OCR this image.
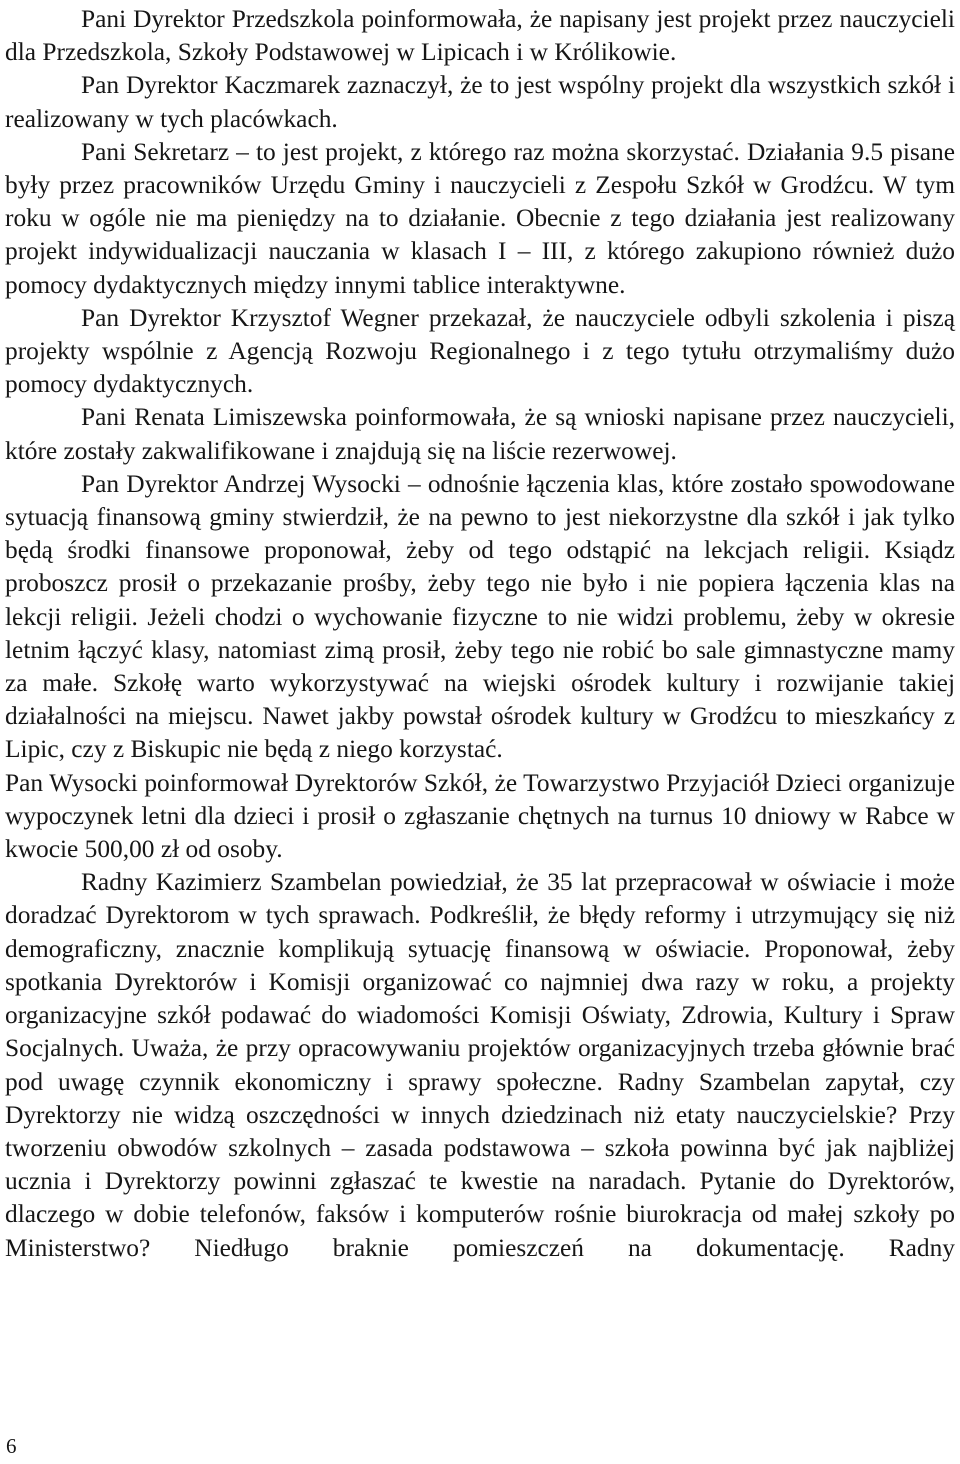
Pani Dyrektor Przedszkola poinformowała, że napisany jest projekt przez nauczycieli dla Przedszkola, Szkoły Podstawowej w Lipicach i w Królikowie.

Pan Dyrektor Kaczmarek zaznaczył, że to jest wspólny projekt dla wszystkich szkół i realizowany w tych placówkach.

Pani Sekretarz – to jest projekt, z którego raz można skorzystać. Działania 9.5 pisane były przez pracowników Urzędu Gminy i nauczycieli z Zespołu Szkół w Grodźcu. W tym roku w ogóle nie ma pieniędzy na to działanie. Obecnie z tego działania jest realizowany projekt indywidualizacji nauczania w klasach I – III, z którego zakupiono również dużo pomocy dydaktycznych między innymi tablice interaktywne.

Pan Dyrektor Krzysztof Wegner przekazał, że nauczyciele odbyli szkolenia i piszą projekty wspólnie z Agencją Rozwoju Regionalnego i z tego tytułu otrzymaliśmy dużo pomocy dydaktycznych.

Pani Renata Limiszewska poinformowała, że są wnioski napisane przez nauczycieli, które zostały zakwalifikowane i znajdują się na liście rezerwowej.

Pan Dyrektor Andrzej Wysocki – odnośnie łączenia klas, które zostało spowodowane sytuacją finansową gminy stwierdził, że na pewno to jest niekorzystne dla szkół i jak tylko będą środki finansowe proponował, żeby od tego odstąpić na lekcjach religii. Ksiądz proboszcz prosił o przekazanie prośby, żeby tego nie było i nie popiera łączenia klas na lekcji religii. Jeżeli chodzi o wychowanie fizyczne to nie widzi problemu, żeby w okresie letnim łączyć klasy, natomiast zimą prosił, żeby tego nie robić bo sale gimnastyczne mamy za małe. Szkołę warto wykorzystywać na wiejski ośrodek kultury i rozwijanie takiej działalności na miejscu. Nawet jakby powstał ośrodek kultury w Grodźcu to mieszkańcy z Lipic, czy z Biskupic nie będą z niego korzystać.

Pan Wysocki poinformował Dyrektorów Szkół, że Towarzystwo Przyjaciół Dzieci organizuje wypoczynek letni dla dzieci i prosił o zgłaszanie chętnych na turnus 10 dniowy w Rabce w kwocie 500,00 zł od osoby.

Radny Kazimierz Szambelan powiedział, że 35 lat przepracował w oświacie i może doradzać Dyrektorom w tych sprawach. Podkreślił, że błędy reformy i utrzymujący się niż demograficzny, znacznie komplikują sytuację finansową w oświacie. Proponował, żeby spotkania Dyrektorów i Komisji organizować co najmniej dwa razy w roku, a projekty organizacyjne szkół podawać do wiadomości Komisji Oświaty, Zdrowia, Kultury i Spraw Socjalnych. Uważa, że przy opracowywaniu projektów organizacyjnych trzeba głównie brać pod uwagę czynnik ekonomiczny i sprawy społeczne. Radny Szambelan zapytał, czy Dyrektorzy nie widzą oszczędności w innych dziedzinach niż etaty nauczycielskie? Przy tworzeniu obwodów szkolnych – zasada podstawowa – szkoła powinna być jak najbliżej ucznia i Dyrektorzy powinni zgłaszać te kwestie na naradach. Pytanie do Dyrektorów, dlaczego w dobie telefonów, faksów i komputerów rośnie biurokracja od małej szkoły po Ministerstwo? Niedługo braknie pomieszczeń na dokumentację. Radny

6
